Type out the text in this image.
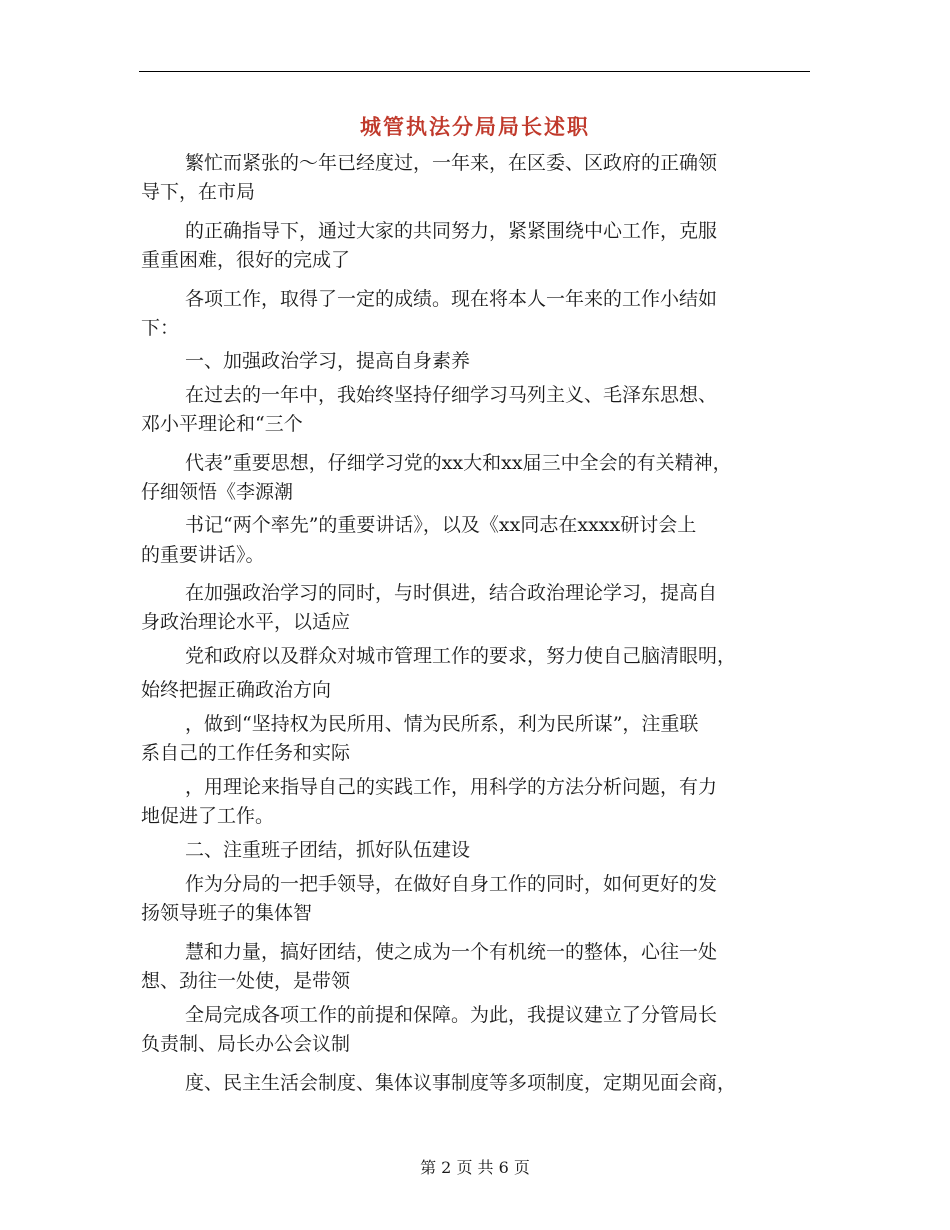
城管执法分局局长述职
繁忙而紧张的～年已经度过，一年来，在区委、区政府的正确领
导下，在市局
的正确指导下，通过大家的共同努力，紧紧围绕中心工作，克服
重重困难，很好的完成了
各项工作，取得了一定的成绩。现在将本人一年来的工作小结如
下：
一、加强政治学习，提高自身素养
在过去的一年中，我始终坚持仔细学习马列主义、毛泽东思想、
邓小平理论和“三个
代表”重要思想，仔细学习党的xx大和xx届三中全会的有关精神，
仔细领悟《李源潮
书记“两个率先”的重要讲话》，以及《xx同志在xxxx研讨会上
的重要讲话》。
在加强政治学习的同时，与时俱进，结合政治理论学习，提高自
身政治理论水平，以适应
党和政府以及群众对城市管理工作的要求，努力使自己脑清眼明，
始终把握正确政治方向
，做到“坚持权为民所用、情为民所系，利为民所谋”，注重联
系自己的工作任务和实际
，用理论来指导自己的实践工作，用科学的方法分析问题，有力
地促进了工作。
二、注重班子团结，抓好队伍建设
作为分局的一把手领导，在做好自身工作的同时，如何更好的发
扬领导班子的集体智
慧和力量，搞好团结，使之成为一个有机统一的整体，心往一处
想、劲往一处使，是带领
全局完成各项工作的前提和保障。为此，我提议建立了分管局长
负责制、局长办公会议制
度、民主生活会制度、集体议事制度等多项制度，定期见面会商，
第 2 页 共 6 页
